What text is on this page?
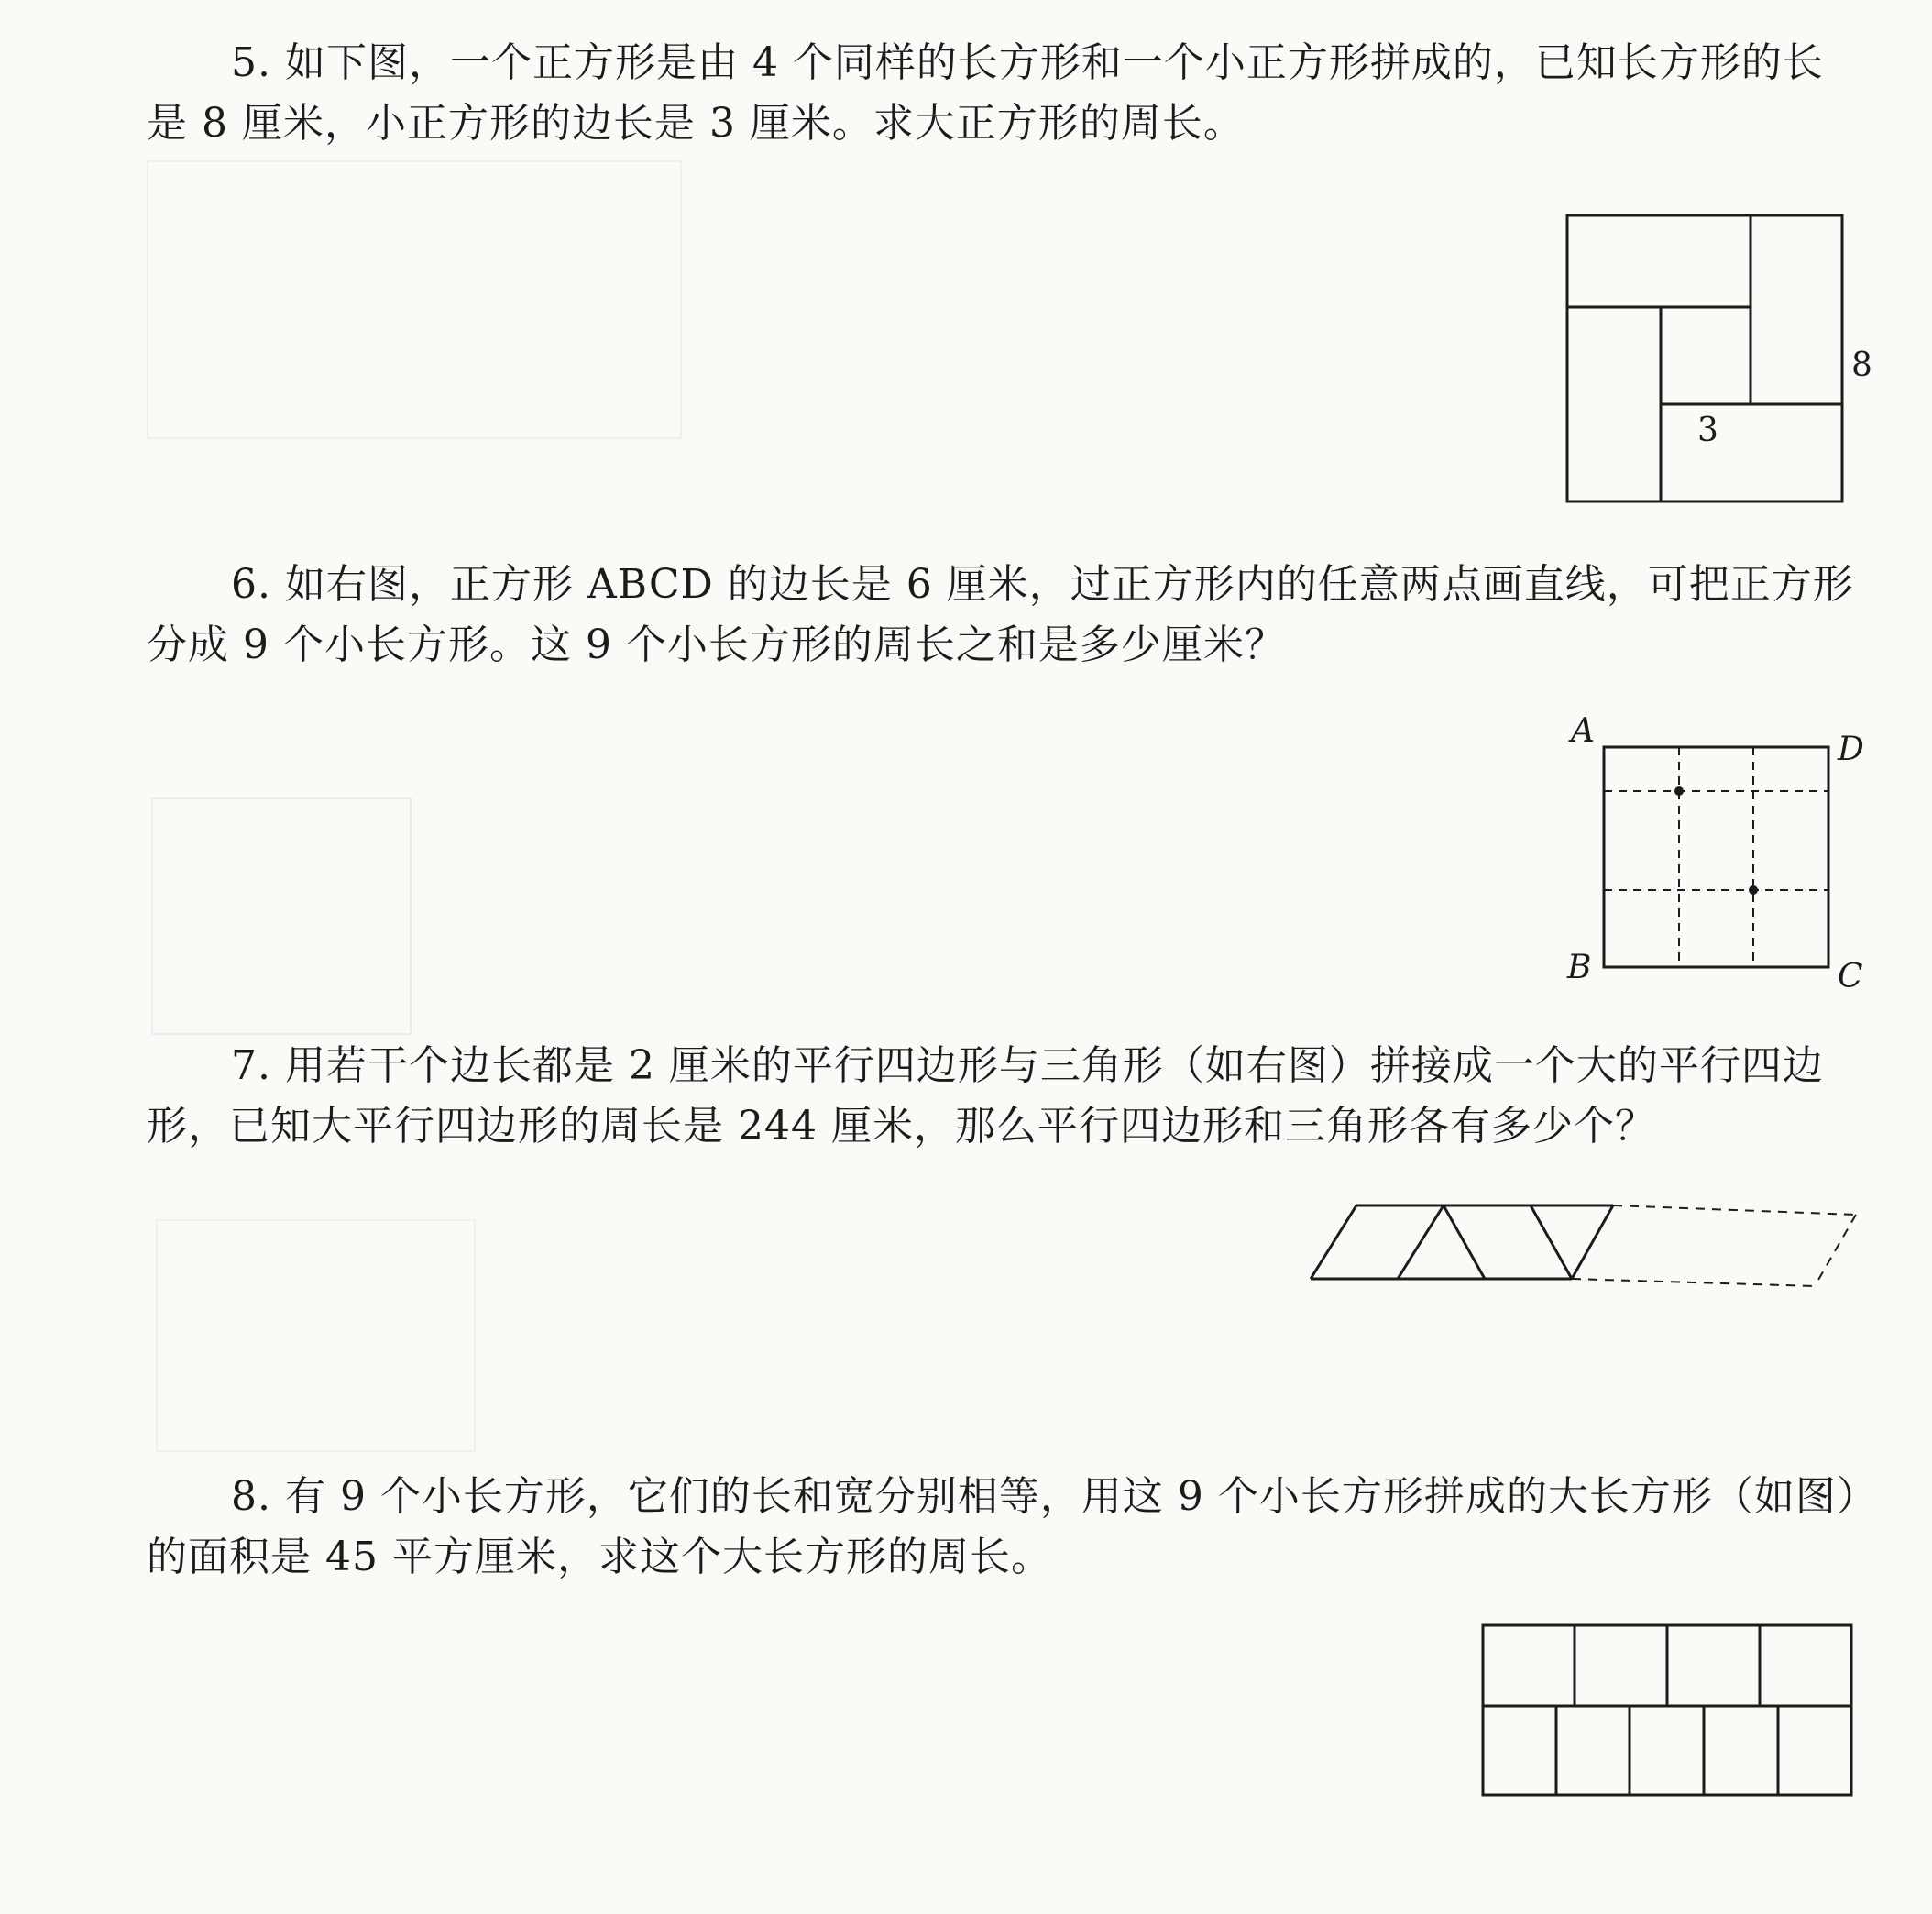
5. 如下图，一个正方形是由 4 个同样的长方形和一个小正方形拼成的，已知长方形的长
是 8 厘米，小正方形的边长是 3 厘米。求大正方形的周长。
8
3
6. 如右图，正方形 ABCD 的边长是 6 厘米，过正方形内的任意两点画直线，可把正方形
分成 9 个小长方形。这 9 个小长方形的周长之和是多少厘米？
A	D
B	C
7. 用若干个边长都是 2 厘米的平行四边形与三角形（如右图）拼接成一个大的平行四边
形，已知大平行四边形的周长是 244 厘米，那么平行四边形和三角形各有多少个？
8. 有 9 个小长方形，它们的长和宽分别相等，用这 9 个小长方形拼成的大长方形（如图）
的面积是 45 平方厘米，求这个大长方形的周长。
